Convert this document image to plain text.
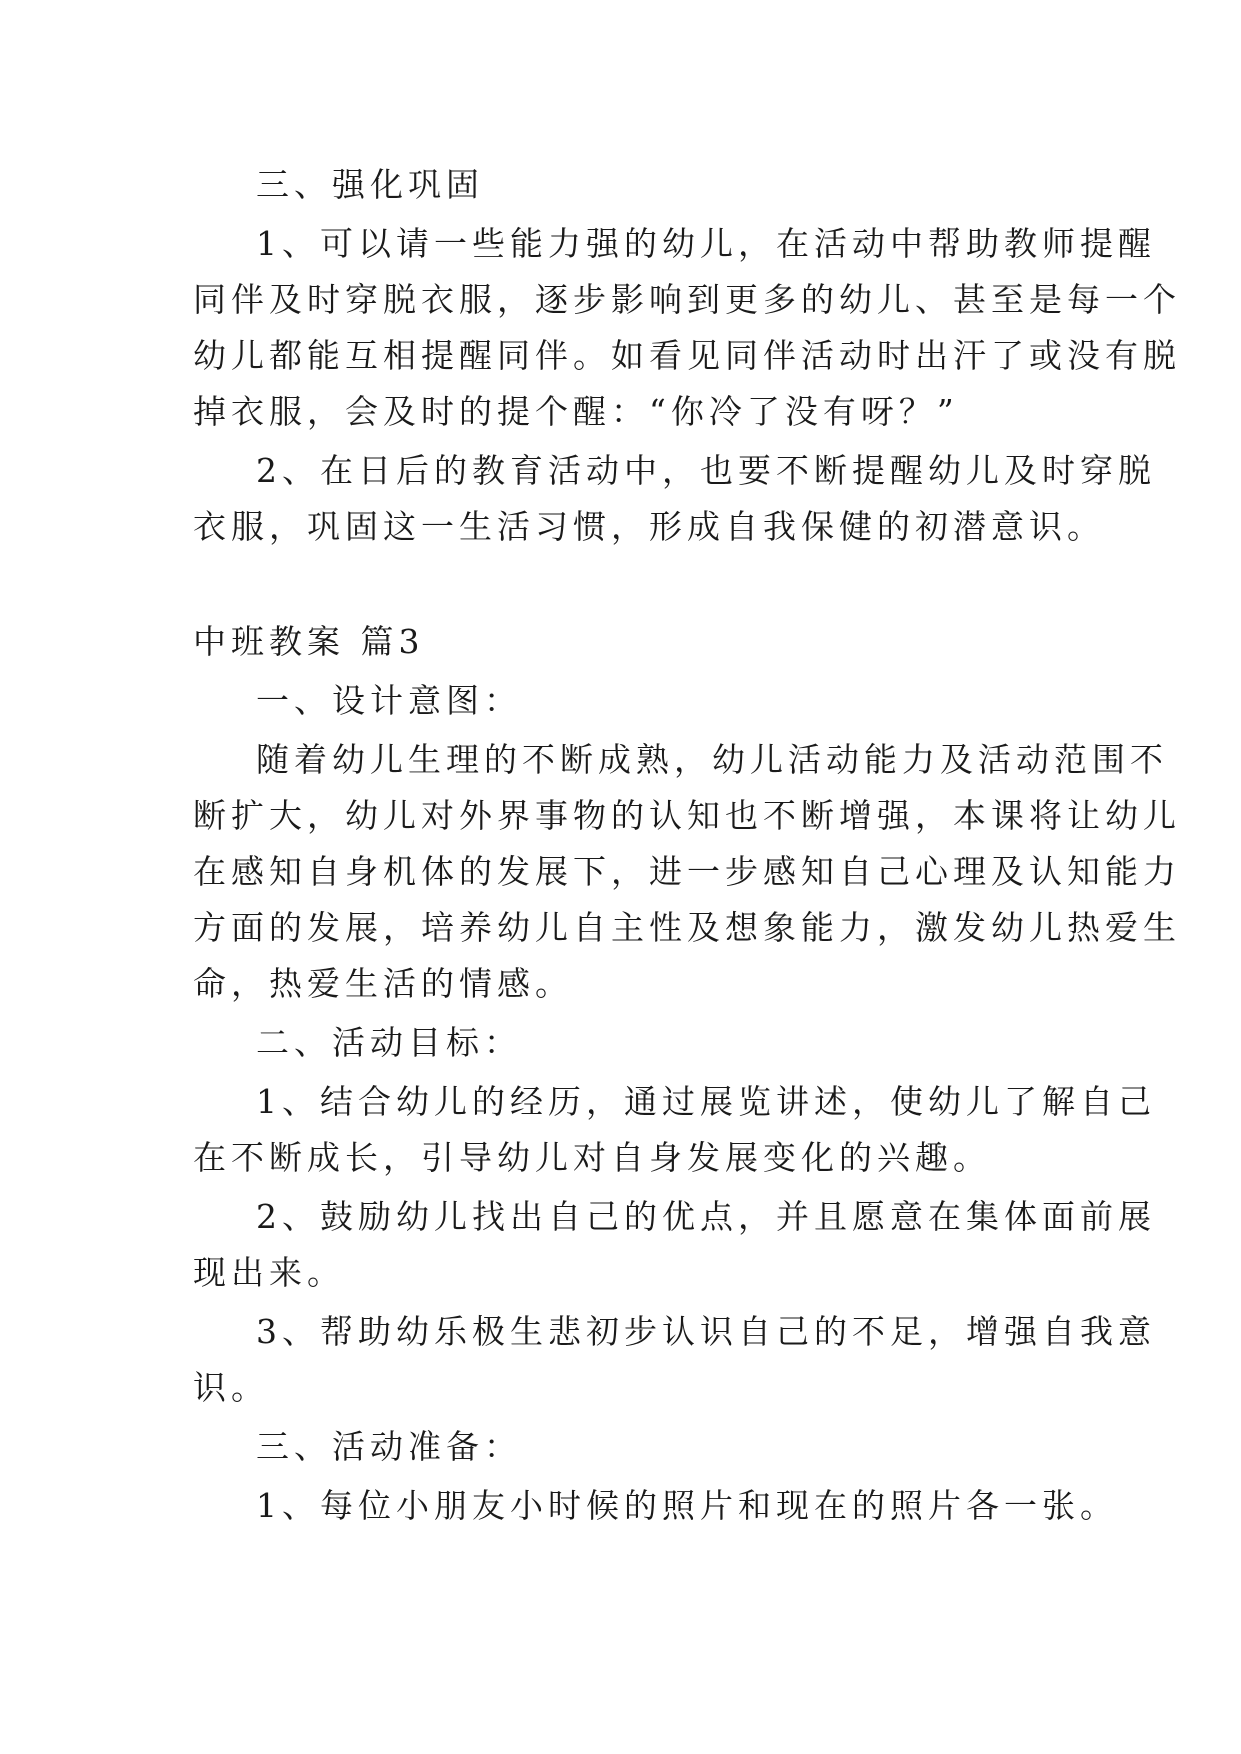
三、强化巩固
1、可以请一些能力强的幼儿，在活动中帮助教师提醒
同伴及时穿脱衣服，逐步影响到更多的幼儿、甚至是每一个
幼儿都能互相提醒同伴。如看见同伴活动时出汗了或没有脱
掉衣服，会及时的提个醒：“你冷了没有呀？”
2、在日后的教育活动中，也要不断提醒幼儿及时穿脱
衣服，巩固这一生活习惯，形成自我保健的初潜意识。
中班教案 篇3
一、设计意图：
随着幼儿生理的不断成熟，幼儿活动能力及活动范围不
断扩大，幼儿对外界事物的认知也不断增强，本课将让幼儿
在感知自身机体的发展下，进一步感知自己心理及认知能力
方面的发展，培养幼儿自主性及想象能力，激发幼儿热爱生
命，热爱生活的情感。
二、活动目标：
1、结合幼儿的经历，通过展览讲述，使幼儿了解自己
在不断成长，引导幼儿对自身发展变化的兴趣。
2、鼓励幼儿找出自己的优点，并且愿意在集体面前展
现出来。
3、帮助幼乐极生悲初步认识自己的不足，增强自我意
识。
三、活动准备：
1、每位小朋友小时候的照片和现在的照片各一张。
